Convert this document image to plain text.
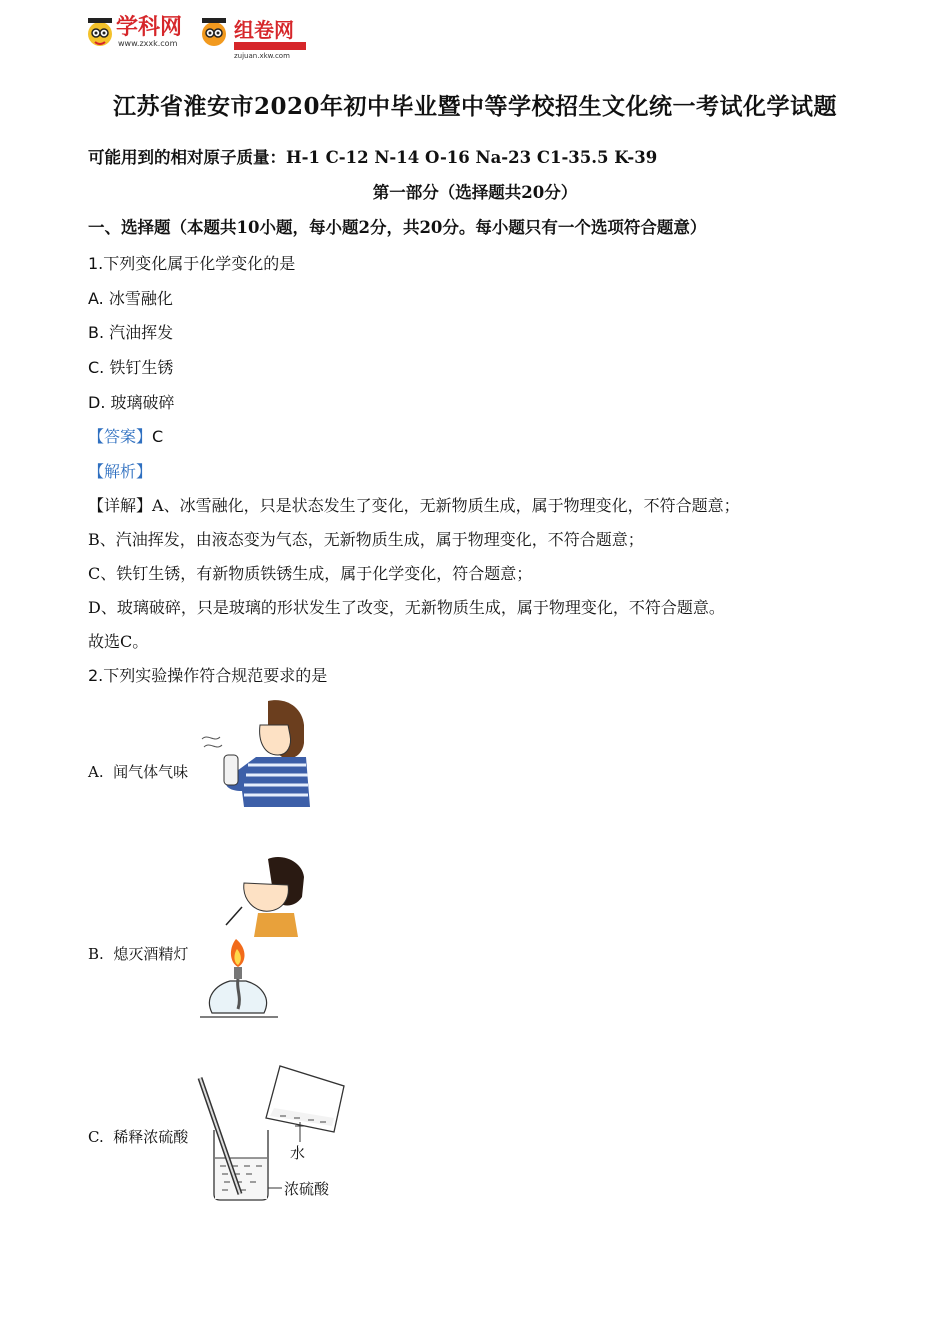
学科网
www.zxxk.com
组卷网
zujuan.xkw.com
江苏省淮安市2020年初中毕业暨中等学校招生文化统一考试化学试题
可能用到的相对原子质量：H-1 C-12 N-14 O-16 Na-23 C1-35.5 K-39
第一部分（选择题共20分）
一、选择题（本题共10小题，每小题2分，共20分。每小题只有一个选项符合题意）
1.下列变化属于化学变化的是
A. 冰雪融化
B. 汽油挥发
C. 铁钉生锈
D. 玻璃破碎
【答案】C
【解析】
【详解】A、冰雪融化，只是状态发生了变化，无新物质生成，属于物理变化，不符合题意；
B、汽油挥发，由液态变为气态，无新物质生成，属于物理变化，不符合题意；
C、铁钉生锈，有新物质铁锈生成，属于化学变化，符合题意；
D、玻璃破碎，只是玻璃的形状发生了改变，无新物质生成，属于物理变化，不符合题意。
故选C。
2.下列实验操作符合规范要求的是
A. 闻气体气味
B. 熄灭酒精灯
C. 稀释浓硫酸
水
浓硫酸
